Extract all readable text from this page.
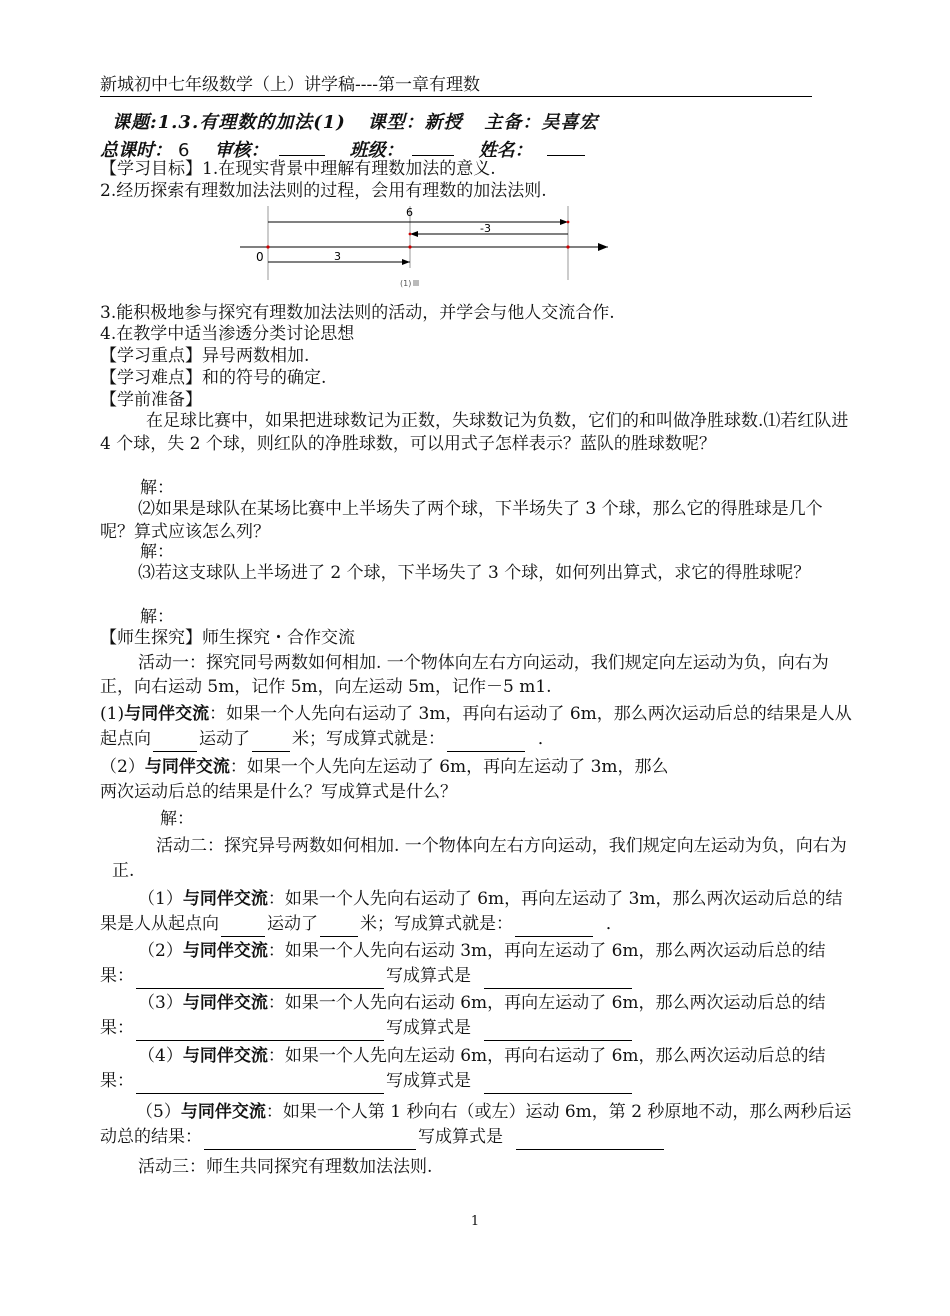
新城初中七年级数学（上）讲学稿----第一章有理数
课题:1.3.有理数的加法(1) 课型：新授 主备：吴喜宏
总课时： 6 审核：	班级：	姓名：
【学习目标】1.在现实背景中理解有理数加法的意义.
2.经历探索有理数加法法则的过程，会用有理数的加法法则.
6
-3
0	3
(1)
3.能积极地参与探究有理数加法法则的活动，并学会与他人交流合作.
4.在教学中适当渗透分类讨论思想
【学习重点】异号两数相加.
【学习难点】和的符号的确定.
【学前准备】

在足球比赛中，如果把进球数记为正数，失球数记为负数，它们的和叫做净胜球数.⑴若红队进 4 个球，失 2 个球，则红队的净胜球数，可以用式子怎样表示？蓝队的胜球数呢？

解：

⑵如果是球队在某场比赛中上半场失了两个球，下半场失了 3 个球，那么它的得胜球是几个呢？算式应该怎么列？

解：

⑶若这支球队上半场进了 2 个球，下半场失了 3 个球，如何列出算式，求它的得胜球呢？

解：
【师生探究】师生探究・合作交流

活动一：探究同号两数如何相加. 一个物体向左右方向运动，我们规定向左运动为负，向右为正，向右运动 5m，记作 5m，向左运动 5m，记作－5 m1.

(1)与同伴交流：如果一个人先向右运动了 3m，再向右运动了 6m，那么两次运动后总的结果是人从起点向	运动了 米；写成算式就是：	．

（2）与同伴交流：如果一个人先向左运动了 6m，再向左运动了 3m，那么
两次运动后总的结果是什么？写成算式是什么？
解：

活动二：探究异号两数如何相加. 一个物体向左右方向运动，我们规定向左运动为负，向右为正.

（1）与同伴交流：如果一个人先向右运动了 6m，再向左运动了 3m，那么两次运动后总的结果是人从起点向	运动了 米；写成算式就是：	．

（2）与同伴交流：如果一个人先向右运动 3m，再向左运动了 6m，那么两次运动后总的结果：	写成算式是

（3）与同伴交流：如果一个人先向右运动 6m，再向左运动了 6m，那么两次运动后总的结果：	写成算式是

（4）与同伴交流：如果一个人先向左运动 6m，再向右运动了 6m，那么两次运动后总的结果：	写成算式是

（5）与同伴交流：如果一个人第 1 秒向右（或左）运动 6m，第 2 秒原地不动，那么两秒后运动总的结果：	写成算式是

活动三：师生共同探究有理数加法法则.
1
